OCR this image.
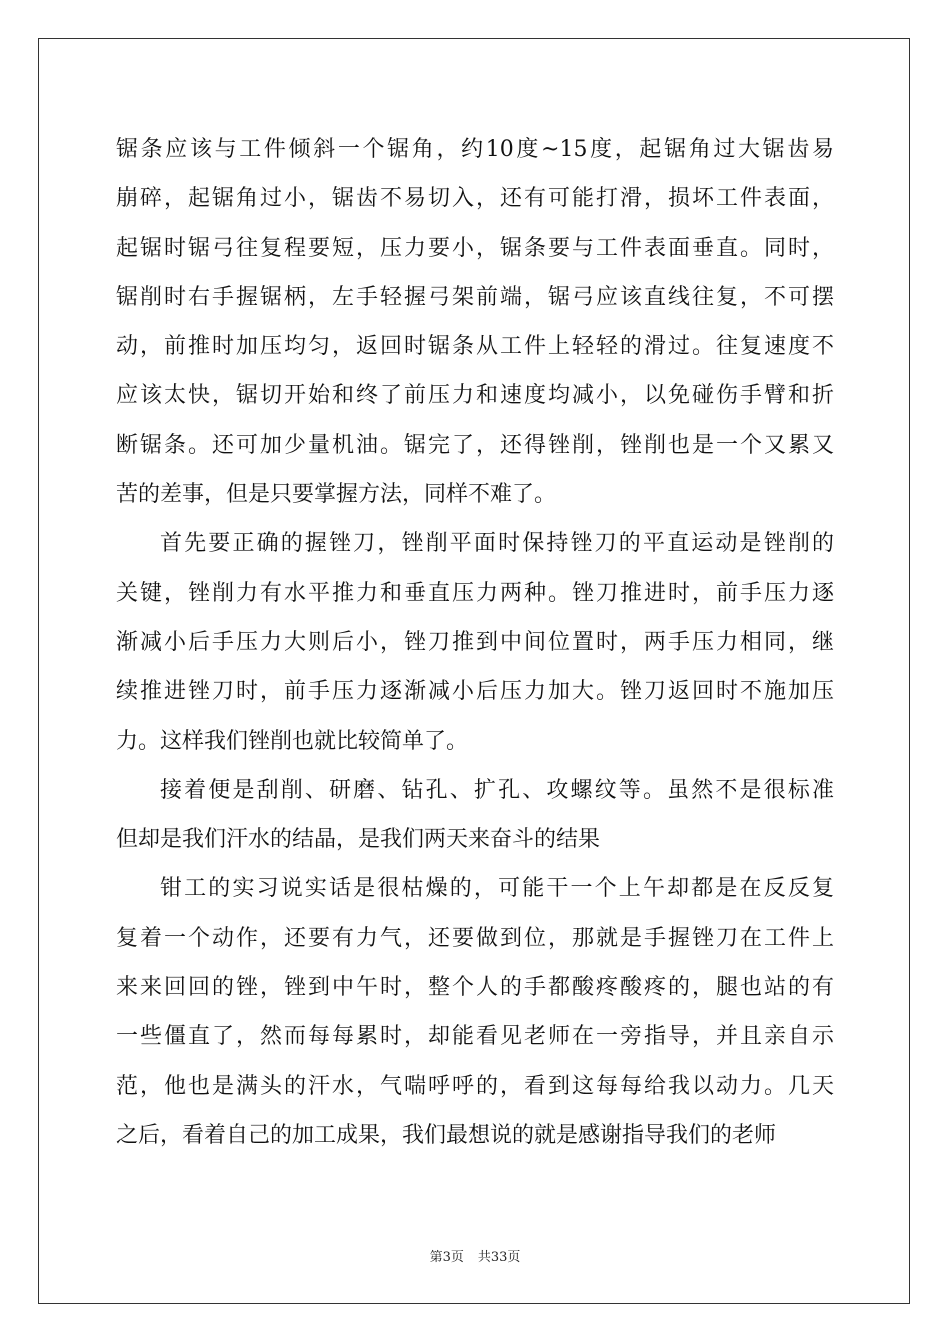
锯条应该与工件倾斜一个锯角，约10度~15度，起锯角过大锯齿易
崩碎，起锯角过小，锯齿不易切入，还有可能打滑，损坏工件表面，
起锯时锯弓往复程要短，压力要小，锯条要与工件表面垂直。同时，
锯削时右手握锯柄，左手轻握弓架前端，锯弓应该直线往复，不可摆
动，前推时加压均匀，返回时锯条从工件上轻轻的滑过。往复速度不
应该太快，锯切开始和终了前压力和速度均减小，以免碰伤手臂和折
断锯条。还可加少量机油。锯完了，还得锉削，锉削也是一个又累又
苦的差事，但是只要掌握方法，同样不难了。
首先要正确的握锉刀，锉削平面时保持锉刀的平直运动是锉削的
关键，锉削力有水平推力和垂直压力两种。锉刀推进时，前手压力逐
渐减小后手压力大则后小，锉刀推到中间位置时，两手压力相同，继
续推进锉刀时，前手压力逐渐减小后压力加大。锉刀返回时不施加压
力。这样我们锉削也就比较简单了。
接着便是刮削、研磨、钻孔、扩孔、攻螺纹等。虽然不是很标准
但却是我们汗水的结晶，是我们两天来奋斗的结果
钳工的实习说实话是很枯燥的，可能干一个上午却都是在反反复
复着一个动作，还要有力气，还要做到位，那就是手握锉刀在工件上
来来回回的锉，锉到中午时，整个人的手都酸疼酸疼的，腿也站的有
一些僵直了，然而每每累时，却能看见老师在一旁指导，并且亲自示
范，他也是满头的汗水，气喘呼呼的，看到这每每给我以动力。几天
之后，看着自己的加工成果，我们最想说的就是感谢指导我们的老师
第3页 共33页
